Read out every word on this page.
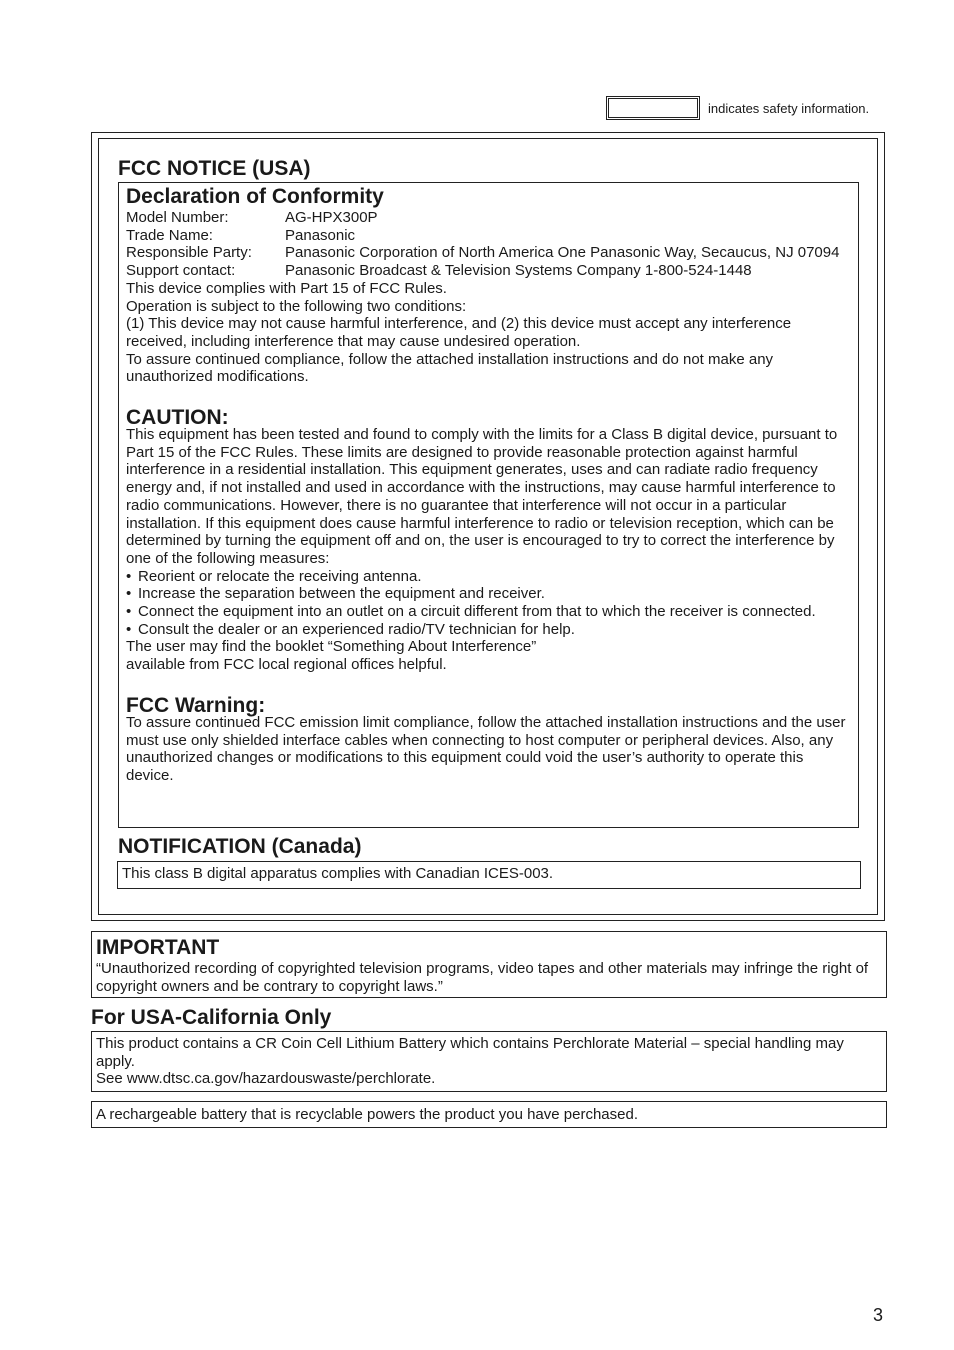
indicates safety information.
FCC NOTICE (USA)
Declaration of Conformity
Model Number:	AG-HPX300P
Trade Name:	Panasonic
Responsible Party:	Panasonic Corporation of North America One Panasonic Way, Secaucus, NJ 07094
Support contact:	Panasonic Broadcast & Television Systems Company 1-800-524-1448

This device complies with Part 15 of FCC Rules.

Operation is subject to the following two conditions:

(1) This device may not cause harmful interference, and (2) this device must accept any interference received, including interference that may cause undesired operation.

To assure continued compliance, follow the attached installation instructions and do not make any unauthorized modifications.

CAUTION:

This equipment has been tested and found to comply with the limits for a Class B digital device, pursuant to Part 15 of the FCC Rules. These limits are designed to provide reasonable protection against harmful interference in a residential installation. This equipment generates, uses and can radiate radio frequency energy and, if not installed and used in accordance with the instructions, may cause harmful interference to radio communications. However, there is no guarantee that interference will not occur in a particular installation. If this equipment does cause harmful interference to radio or television reception, which can be determined by turning the equipment off and on, the user is encouraged to try to correct the interference by one of the following measures:

• Reorient or relocate the receiving antenna.
• Increase the separation between the equipment and receiver.
• Connect the equipment into an outlet on a circuit different from that to which the receiver is connected.
• Consult the dealer or an experienced radio/TV technician for help.

The user may find the booklet “Something About Interference”

available from FCC local regional offices helpful.

FCC Warning:

To assure continued FCC emission limit compliance, follow the attached installation instructions and the user must use only shielded interface cables when connecting to host computer or peripheral devices. Also, any unauthorized changes or modifications to this equipment could void the user’s authority to operate this device.

NOTIFICATION (Canada)
This class B digital apparatus complies with Canadian ICES-003.
IMPORTANT
“Unauthorized recording of copyrighted television programs, video tapes and other materials may infringe the right of copyright owners and be contrary to copyright laws.”
For USA-California Only
This product contains a CR Coin Cell Lithium Battery which contains Perchlorate Material – special handling may apply.
See www.dtsc.ca.gov/hazardouswaste/perchlorate.
A rechargeable battery that is recyclable powers the product you have perchased.
3
